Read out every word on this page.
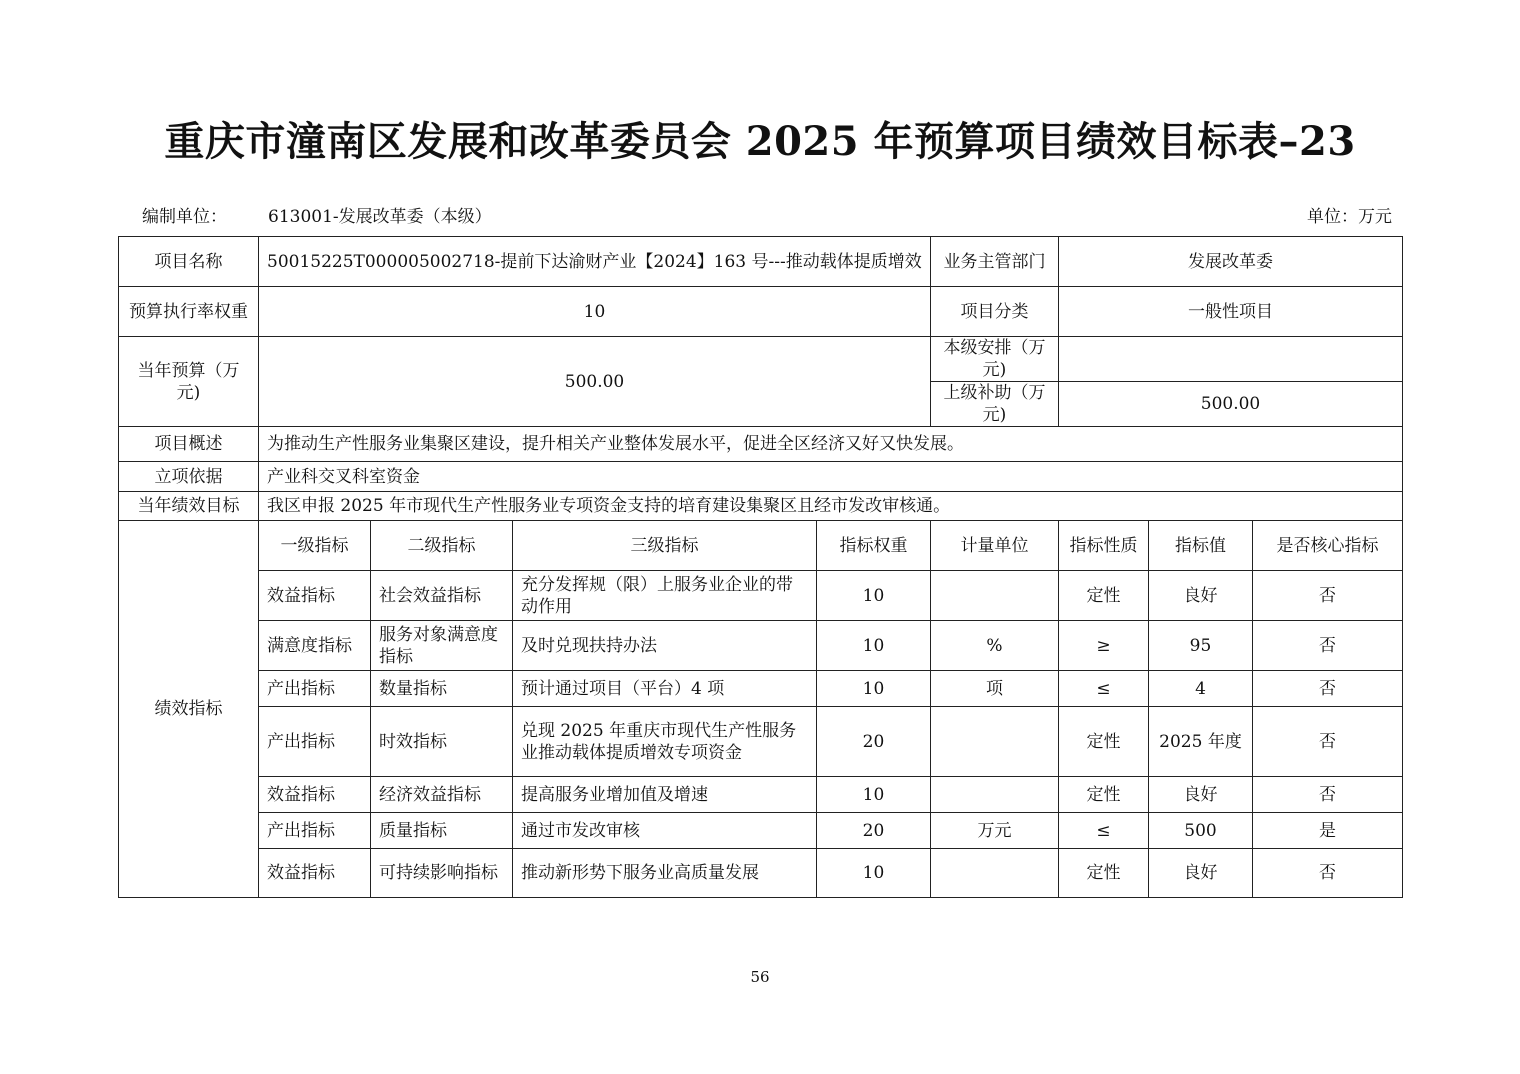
重庆市潼南区发展和改革委员会 2025 年预算项目绩效目标表–23
编制单位： 613001-发展改革委（本级）	单位：万元
项目名称	50015225T000005002718-提前下达渝财产业【2024】163 号---推动载体提质增效				业务主管部门	发展改革委		
预算执行率权重	10				项目分类	一般性项目		
当年预算（万元)	500.00				本级安排（万元)			
					上级补助（万元)	500.00		
项目概述	为推动生产性服务业集聚区建设，提升相关产业整体发展水平，促进全区经济又好又快发展。							
立项依据	产业科交叉科室资金							
当年绩效目标	我区申报 2025 年市现代生产性服务业专项资金支持的培育建设集聚区且经市发改审核通。							
绩效指标	一级指标	二级指标	三级指标	指标权重	计量单位	指标性质	指标值	是否核心指标
	效益指标	社会效益指标	充分发挥规（限）上服务业企业的带动作用	10		定性	良好	否
	满意度指标	服务对象满意度指标	及时兑现扶持办法	10	%	≥	95	否
	产出指标	数量指标	预计通过项目（平台）4 项	10	项	≤	4	否
	产出指标	时效指标	兑现 2025 年重庆市现代生产性服务业推动载体提质增效专项资金	20		定性	2025 年度	否
	效益指标	经济效益指标	提高服务业增加值及增速	10		定性	良好	否
	产出指标	质量指标	通过市发改审核	20	万元	≤	500	是
	效益指标	可持续影响指标	推动新形势下服务业高质量发展	10		定性	良好	否
56
